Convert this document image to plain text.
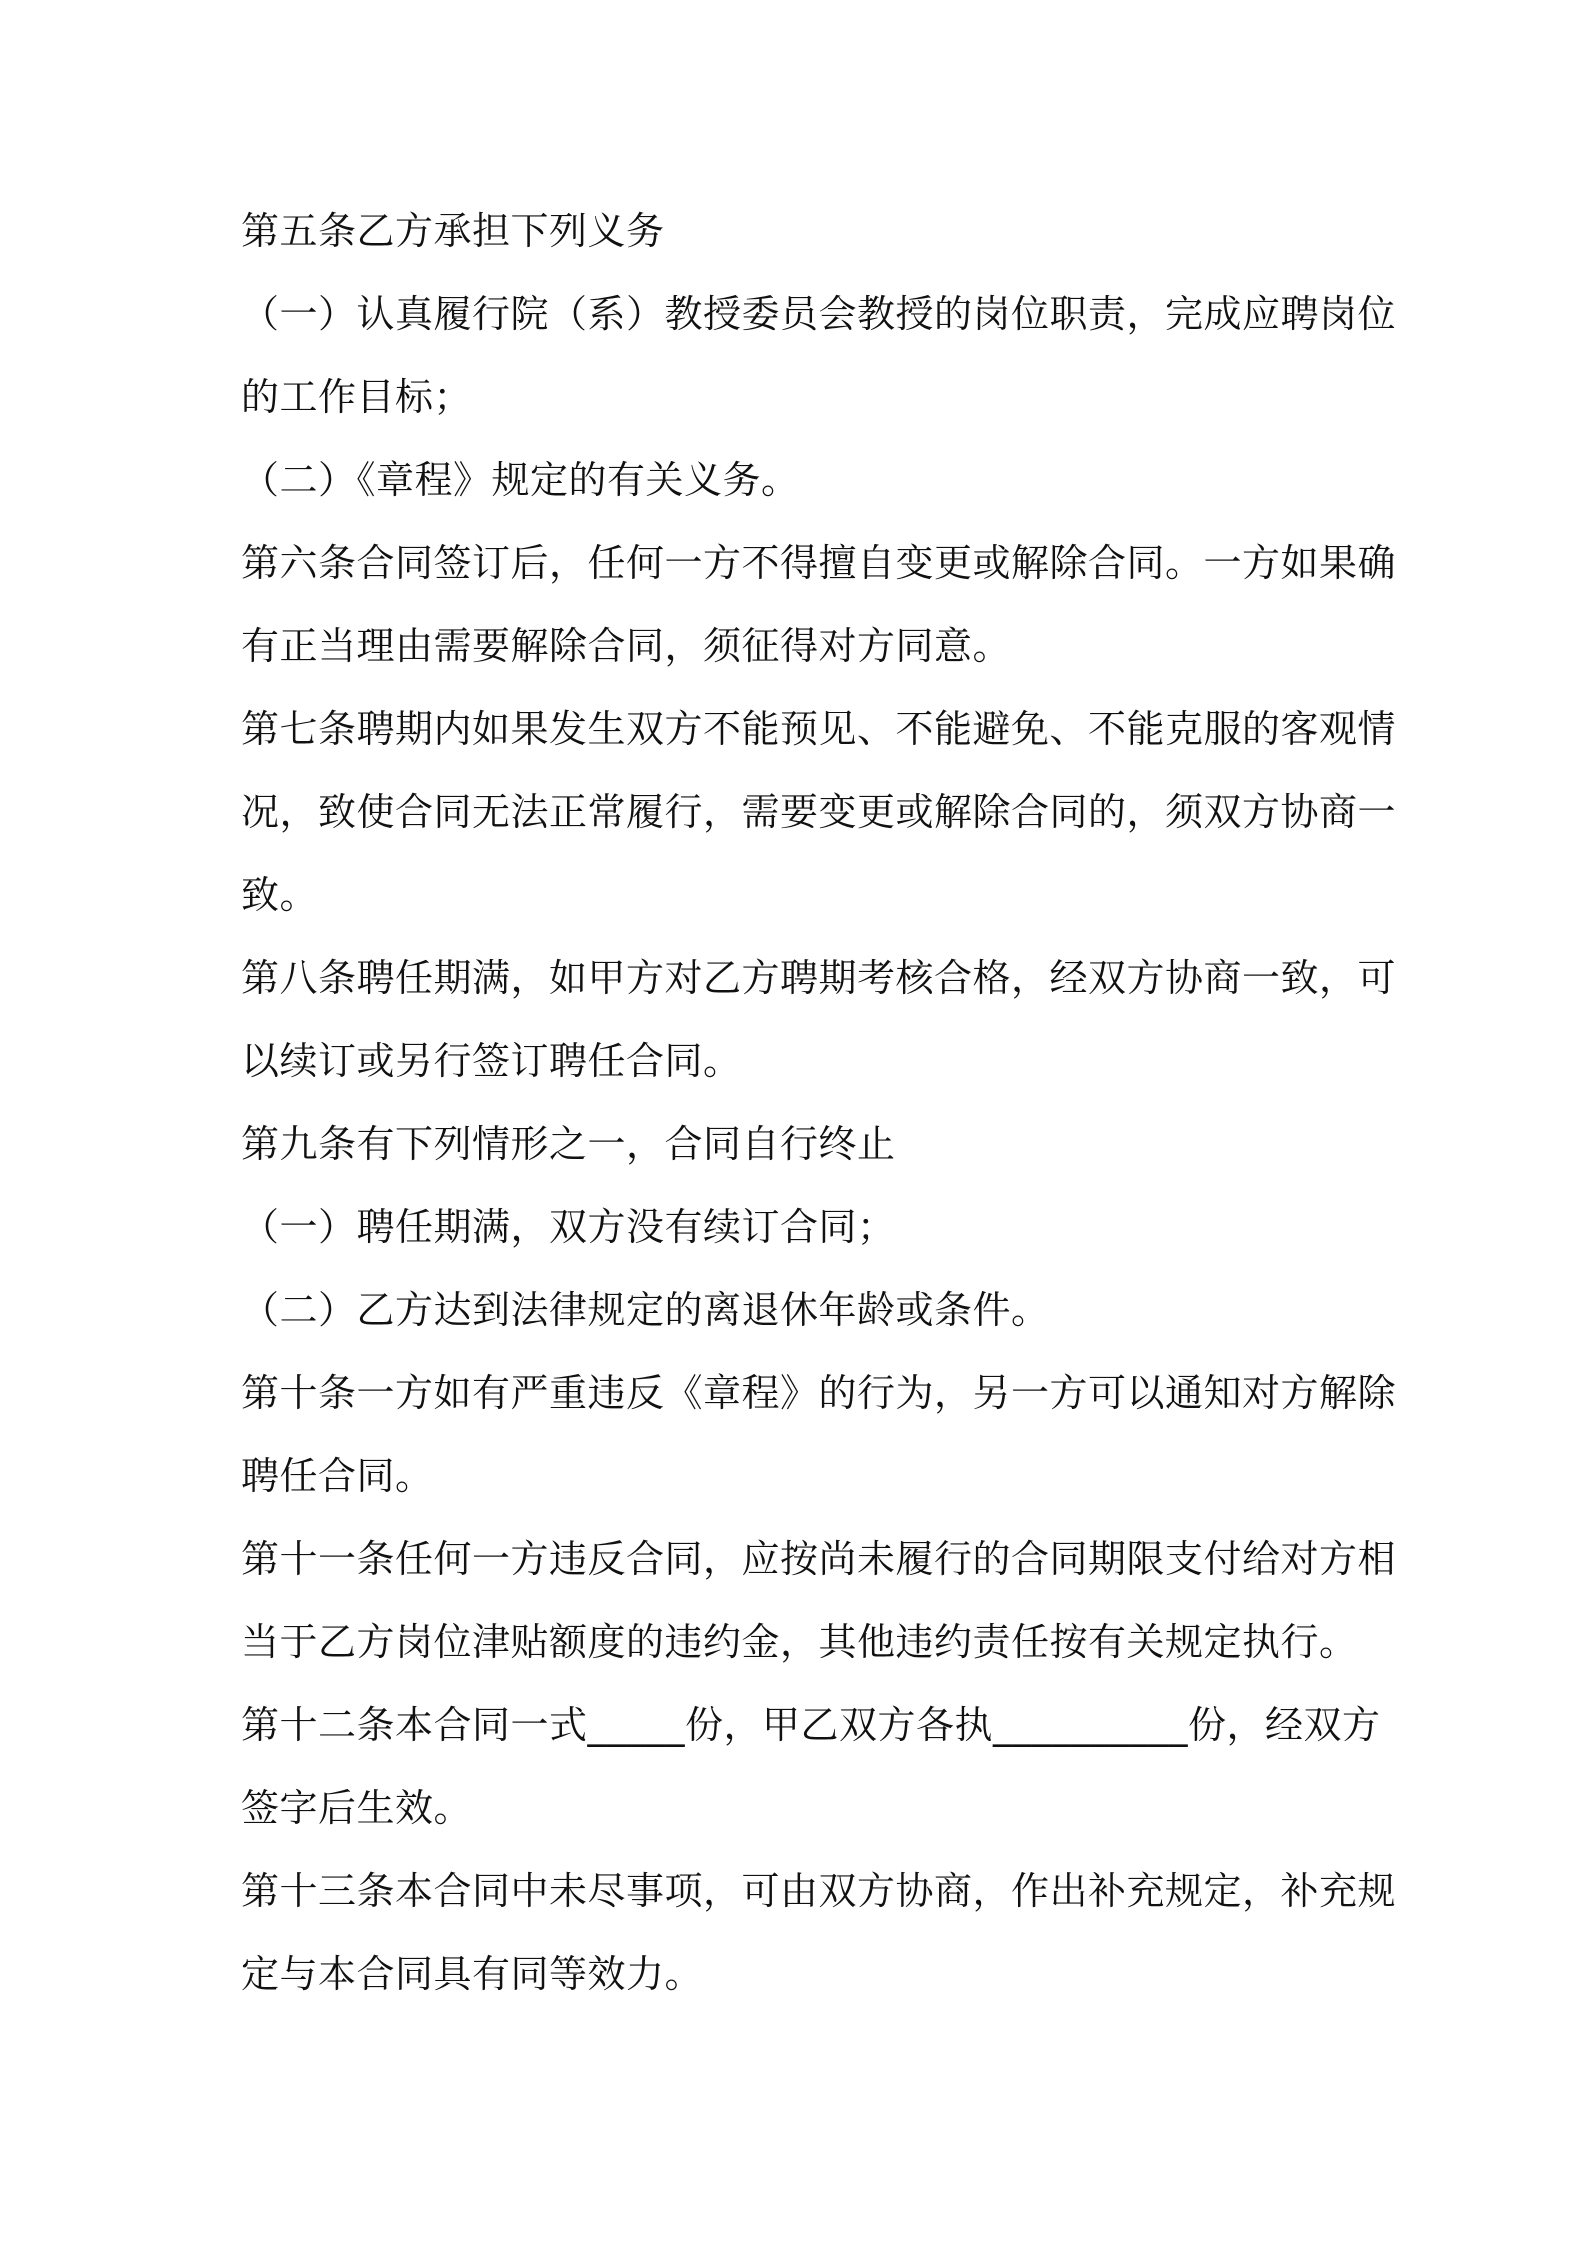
第五条乙方承担下列义务
（一）认真履行院（系）教授委员会教授的岗位职责，完成应聘岗位
的工作目标；
（二）《章程》规定的有关义务。
第六条合同签订后，任何一方不得擅自变更或解除合同。一方如果确
有正当理由需要解除合同，须征得对方同意。
第七条聘期内如果发生双方不能预见、不能避免、不能克服的客观情
况，致使合同无法正常履行，需要变更或解除合同的，须双方协商一
致。
第八条聘任期满，如甲方对乙方聘期考核合格，经双方协商一致，可
以续订或另行签订聘任合同。
第九条有下列情形之一，合同自行终止
（一）聘任期满，双方没有续订合同；
（二）乙方达到法律规定的离退休年龄或条件。
第十条一方如有严重违反《章程》的行为，另一方可以通知对方解除
聘任合同。
第十一条任何一方违反合同，应按尚未履行的合同期限支付给对方相
当于乙方岗位津贴额度的违约金，其他违约责任按有关规定执行。
第十二条本合同一式_____份，甲乙双方各执__________份，经双方
签字后生效。
第十三条本合同中未尽事项，可由双方协商，作出补充规定，补充规
定与本合同具有同等效力。
